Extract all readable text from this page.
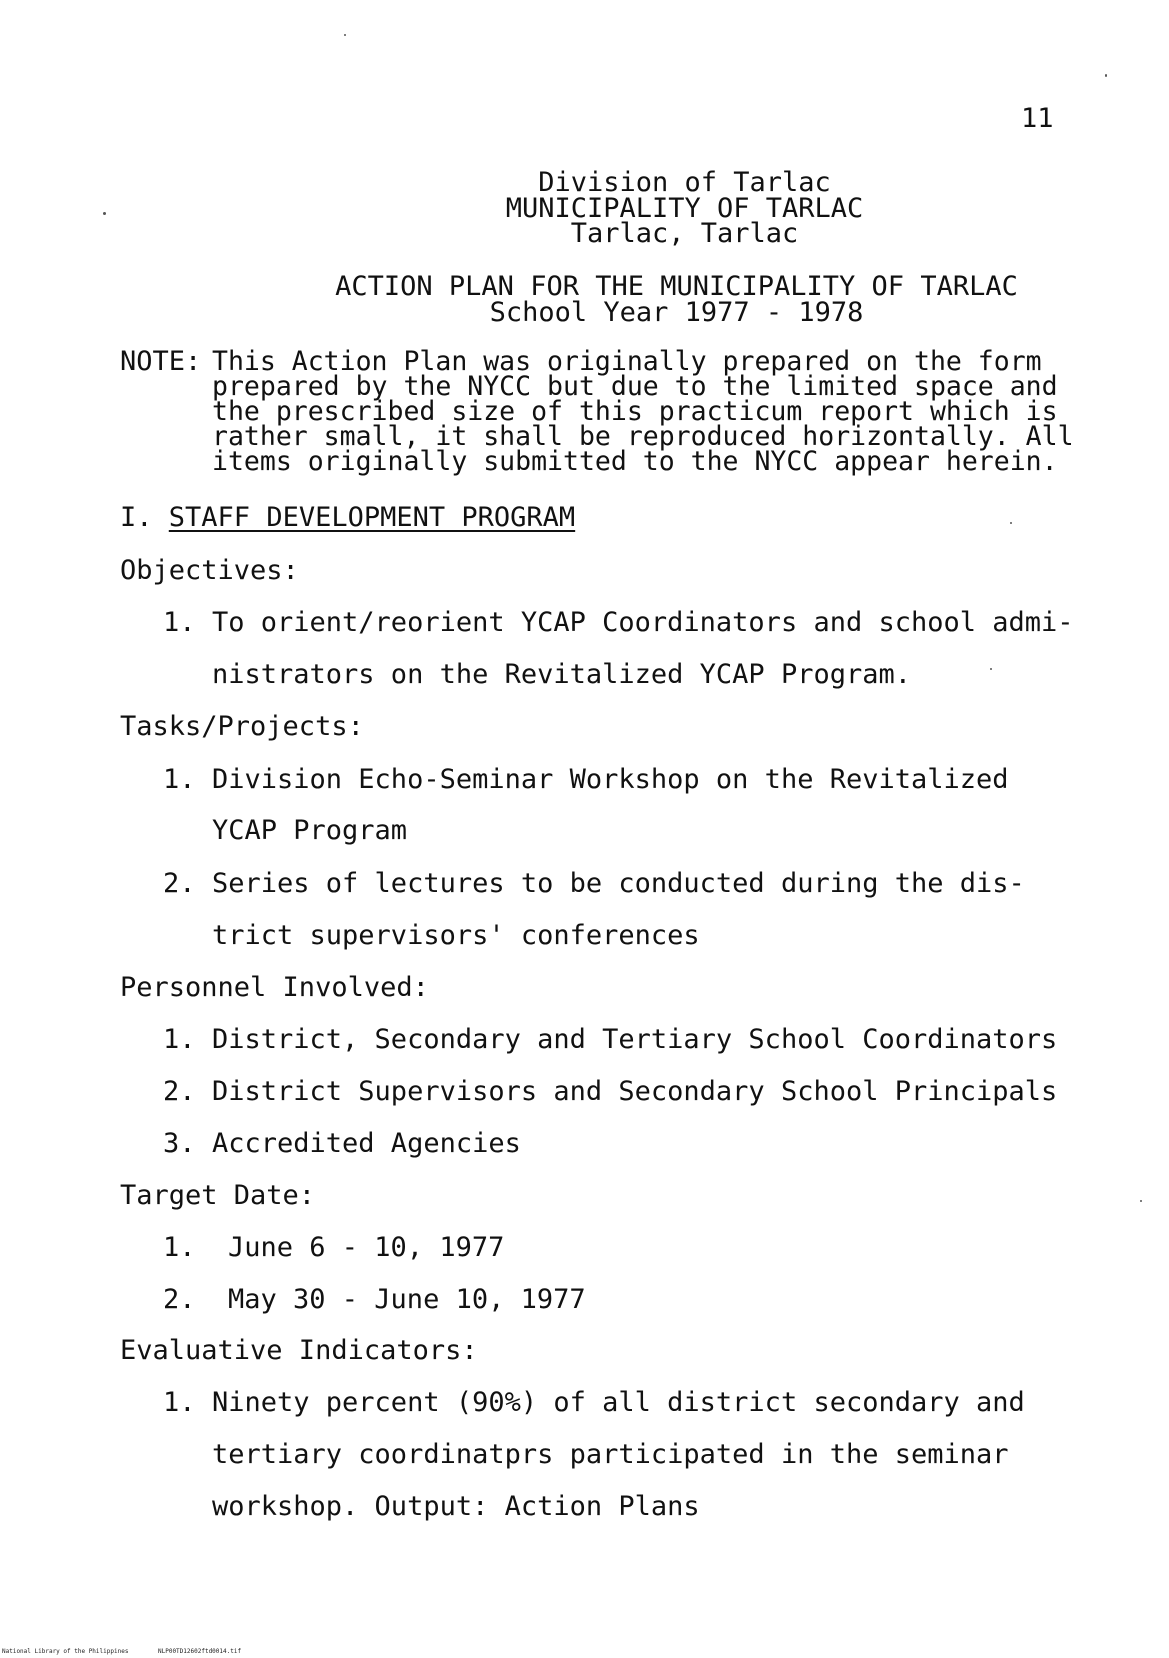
11
Division of Tarlac
MUNICIPALITY OF TARLAC
Tarlac, Tarlac
ACTION PLAN FOR THE MUNICIPALITY OF TARLAC
School Year 1977 - 1978
NOTE: This Action Plan was originally prepared on the form
prepared by the NYCC but due to the limited space and
the prescribed size of this practicum report which is
rather small, it shall be reproduced horizontally. All
items originally submitted to the NYCC appear herein.
I. STAFF DEVELOPMENT PROGRAM
Objectives:
1. To orient/reorient YCAP Coordinators and school admi-
nistrators on the Revitalized YCAP Program.
Tasks/Projects:
1. Division Echo-Seminar Workshop on the Revitalized
YCAP Program
2. Series of lectures to be conducted during the dis-
trict supervisors' conferences
Personnel Involved:
1. District, Secondary and Tertiary School Coordinators
2. District Supervisors and Secondary School Principals
3. Accredited Agencies
Target Date:
1. June 6 - 10, 1977
2. May 30 - June 10, 1977
Evaluative Indicators:
1. Ninety percent (90%) of all district secondary and
tertiary coordinatprs participated in the seminar
workshop. Output: Action Plans
National Library of the Philippines	NLP00TD12602ftd0014.tif
